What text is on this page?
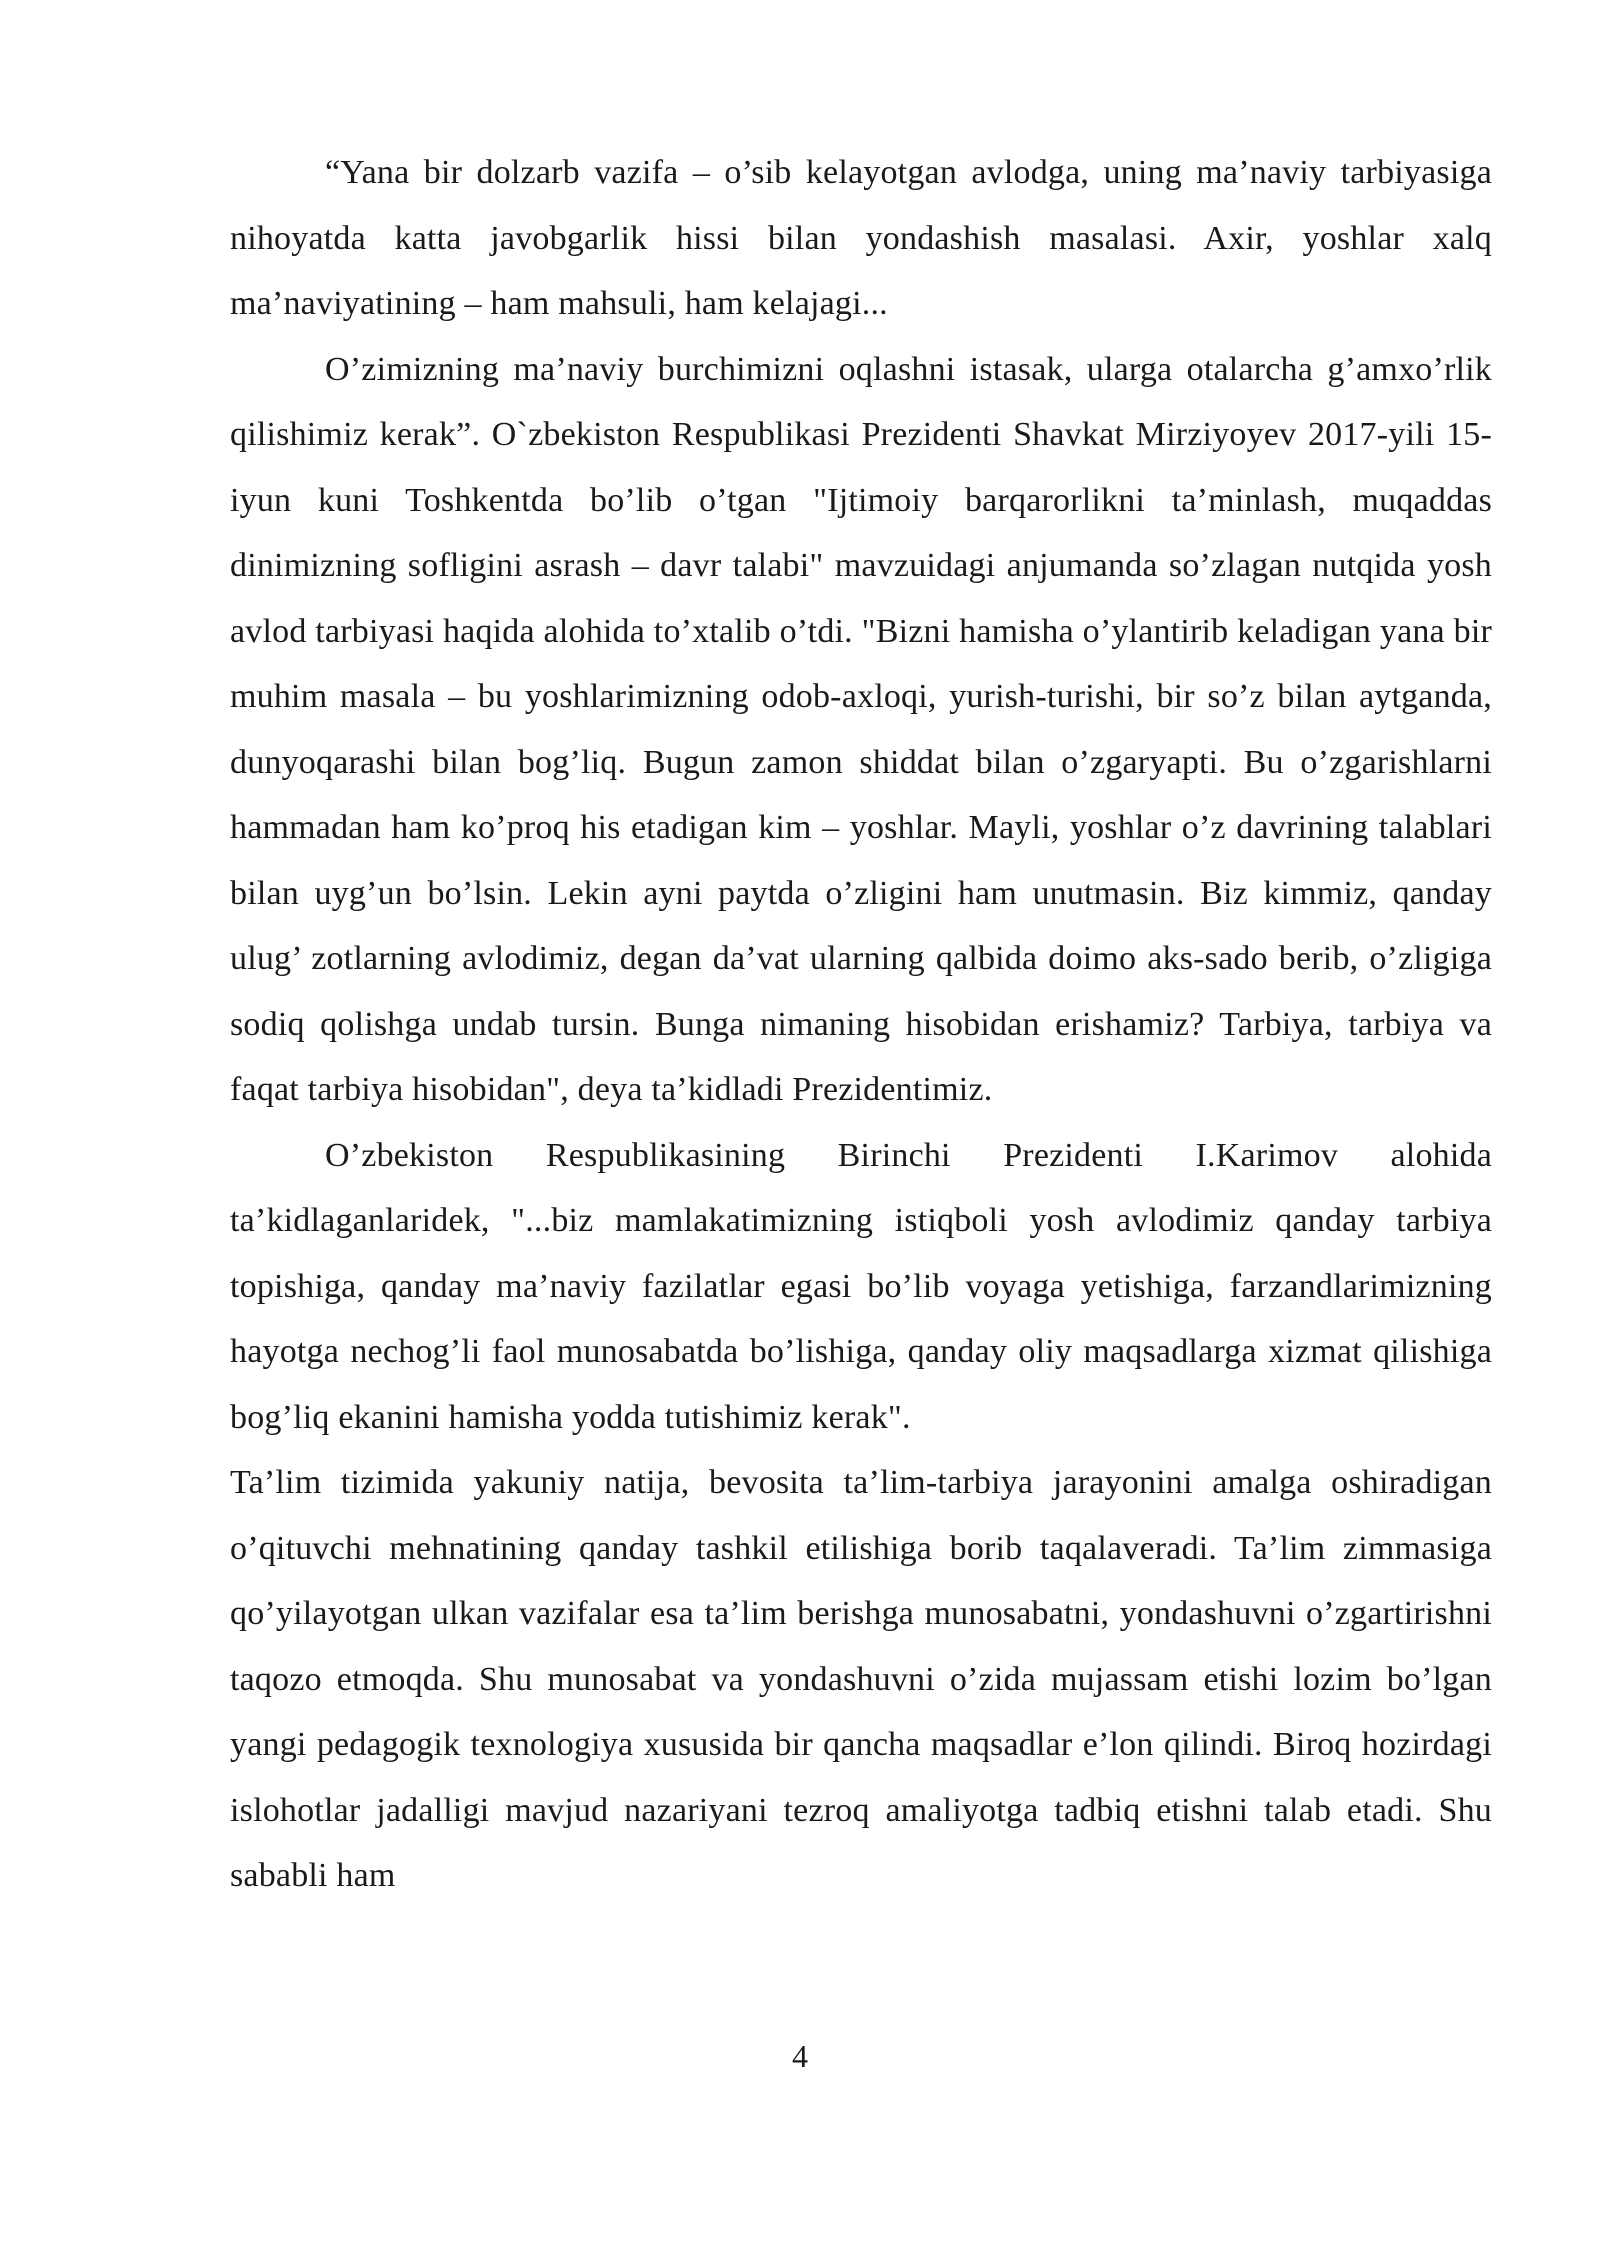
“Yana bir dolzarb vazifa – o’sib kelayotgan avlodga, uning ma’naviy tarbiyasiga nihoyatda katta javobgarlik hissi bilan yondashish masalasi. Axir, yoshlar xalq ma’naviyatining – ham mahsuli, ham kelajagi...

O’zimizning ma’naviy burchimizni oqlashni istasak, ularga otalarcha g’amxo’rlik qilishimiz kerak”. O`zbekiston Respublikasi Prezidenti Shavkat Mirziyoyev 2017-yili 15-iyun kuni Toshkentda bo’lib o’tgan "Ijtimoiy barqarorlikni ta’minlash, muqaddas dinimizning sofligini asrash – davr talabi" mavzuidagi anjumanda so’zlagan nutqida yosh avlod tarbiyasi haqida alohida to’xtalib o’tdi. "Bizni hamisha o’ylantirib keladigan yana bir muhim masala – bu yoshlarimizning odob-axloqi, yurish-turishi, bir so’z bilan aytganda, dunyoqarashi bilan bog’liq. Bugun zamon shiddat bilan o’zgaryapti. Bu o’zgarishlarni hammadan ham ko’proq his etadigan kim – yoshlar. Mayli, yoshlar o’z davrining talablari bilan uyg’un bo’lsin. Lekin ayni paytda o’zligini ham unutmasin. Biz kimmiz, qanday ulug’ zotlarning avlodimiz, degan da’vat ularning qalbida doimo aks-sado berib, o’zligiga sodiq qolishga undab tursin. Bunga nimaning hisobidan erishamiz? Tarbiya, tarbiya va faqat tarbiya hisobidan", deya ta’kidladi Prezidentimiz.

O’zbekiston Respublikasining Birinchi Prezidenti I.Karimov alohida ta’kidlaganlaridek, "...biz mamlakatimizning istiqboli yosh avlodimiz qanday tarbiya topishiga, qanday ma’naviy fazilatlar egasi bo’lib voyaga yetishiga, farzandlarimizning hayotga nechog’li faol munosabatda bo’lishiga, qanday oliy maqsadlarga xizmat qilishiga bog’liq ekanini hamisha yodda tutishimiz kerak".

Ta’lim tizimida yakuniy natija, bevosita ta’lim-tarbiya jarayonini amalga oshiradigan o’qituvchi mehnatining qanday tashkil etilishiga borib taqalaveradi. Ta’lim zimmasiga qo’yilayotgan ulkan vazifalar esa ta’lim berishga munosabatni, yondashuvni o’zgartirishni taqozo etmoqda. Shu munosabat va yondashuvni o’zida mujassam etishi lozim bo’lgan yangi pedagogik texnologiya xususida bir qancha maqsadlar e’lon qilindi. Biroq hozirdagi islohotlar jadalligi mavjud nazariyani tezroq amaliyotga tadbiq etishni talab etadi. Shu sababli ham

4
